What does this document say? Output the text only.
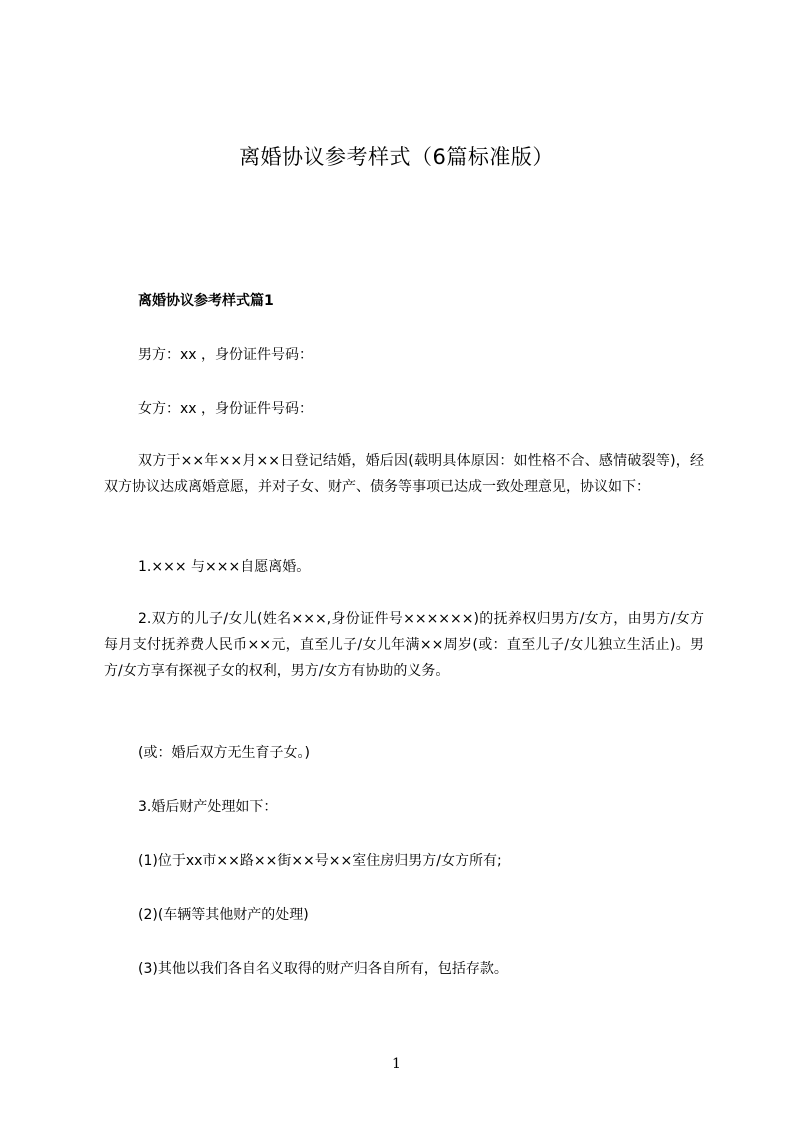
离婚协议参考样式（6篇标准版）
离婚协议参考样式篇1
男方：xx ，身份证件号码：
女方：xx ，身份证件号码：
双方于××年××月××日登记结婚，婚后因(载明具体原因：如性格不合、感情破裂等)，经双方协议达成离婚意愿，并对子女、财产、债务等事项已达成一致处理意见，协议如下：
1.××× 与×××自愿离婚。
2.双方的儿子/女儿(姓名×××,身份证件号××××××)的抚养权归男方/女方，由男方/女方每月支付抚养费人民币××元，直至儿子/女儿年满××周岁(或：直至儿子/女儿独立生活止)。男方/女方享有探视子女的权利，男方/女方有协助的义务。
(或：婚后双方无生育子女。)
3.婚后财产处理如下：
(1)位于xx市××路××街××号××室住房归男方/女方所有;
(2)(车辆等其他财产的处理)
(3)其他以我们各自名义取得的财产归各自所有，包括存款。
1
